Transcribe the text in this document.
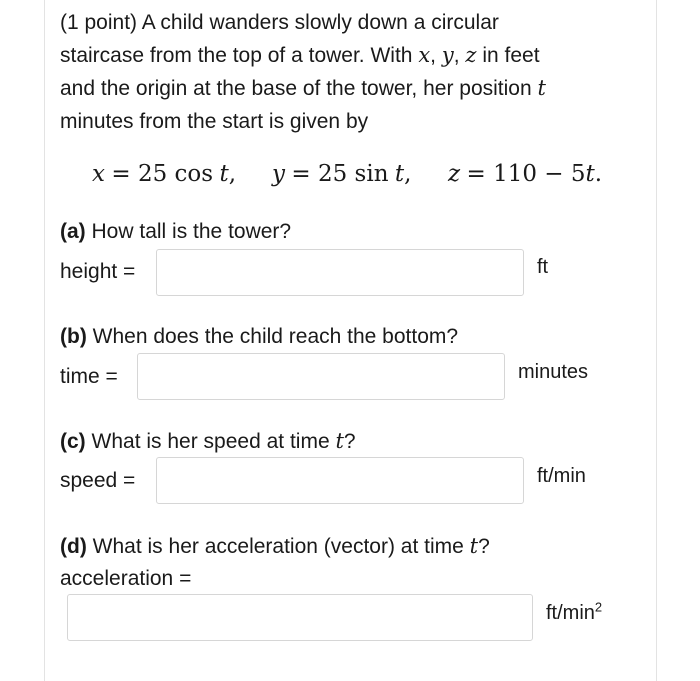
(1 point) A child wanders slowly down a circular
staircase from the top of a tower. With x, y, z in feet
and the origin at the base of the tower, her position t
minutes from the start is given by
x = 25 cos t, y = 25 sin t, z = 110 − 5t.
(a) How tall is the tower?
height =	ft
(b) When does the child reach the bottom?
time =	minutes
(c) What is her speed at time t?
speed =	ft/min
(d) What is her acceleration (vector) at time t?
acceleration =
$ft/\min^2$
